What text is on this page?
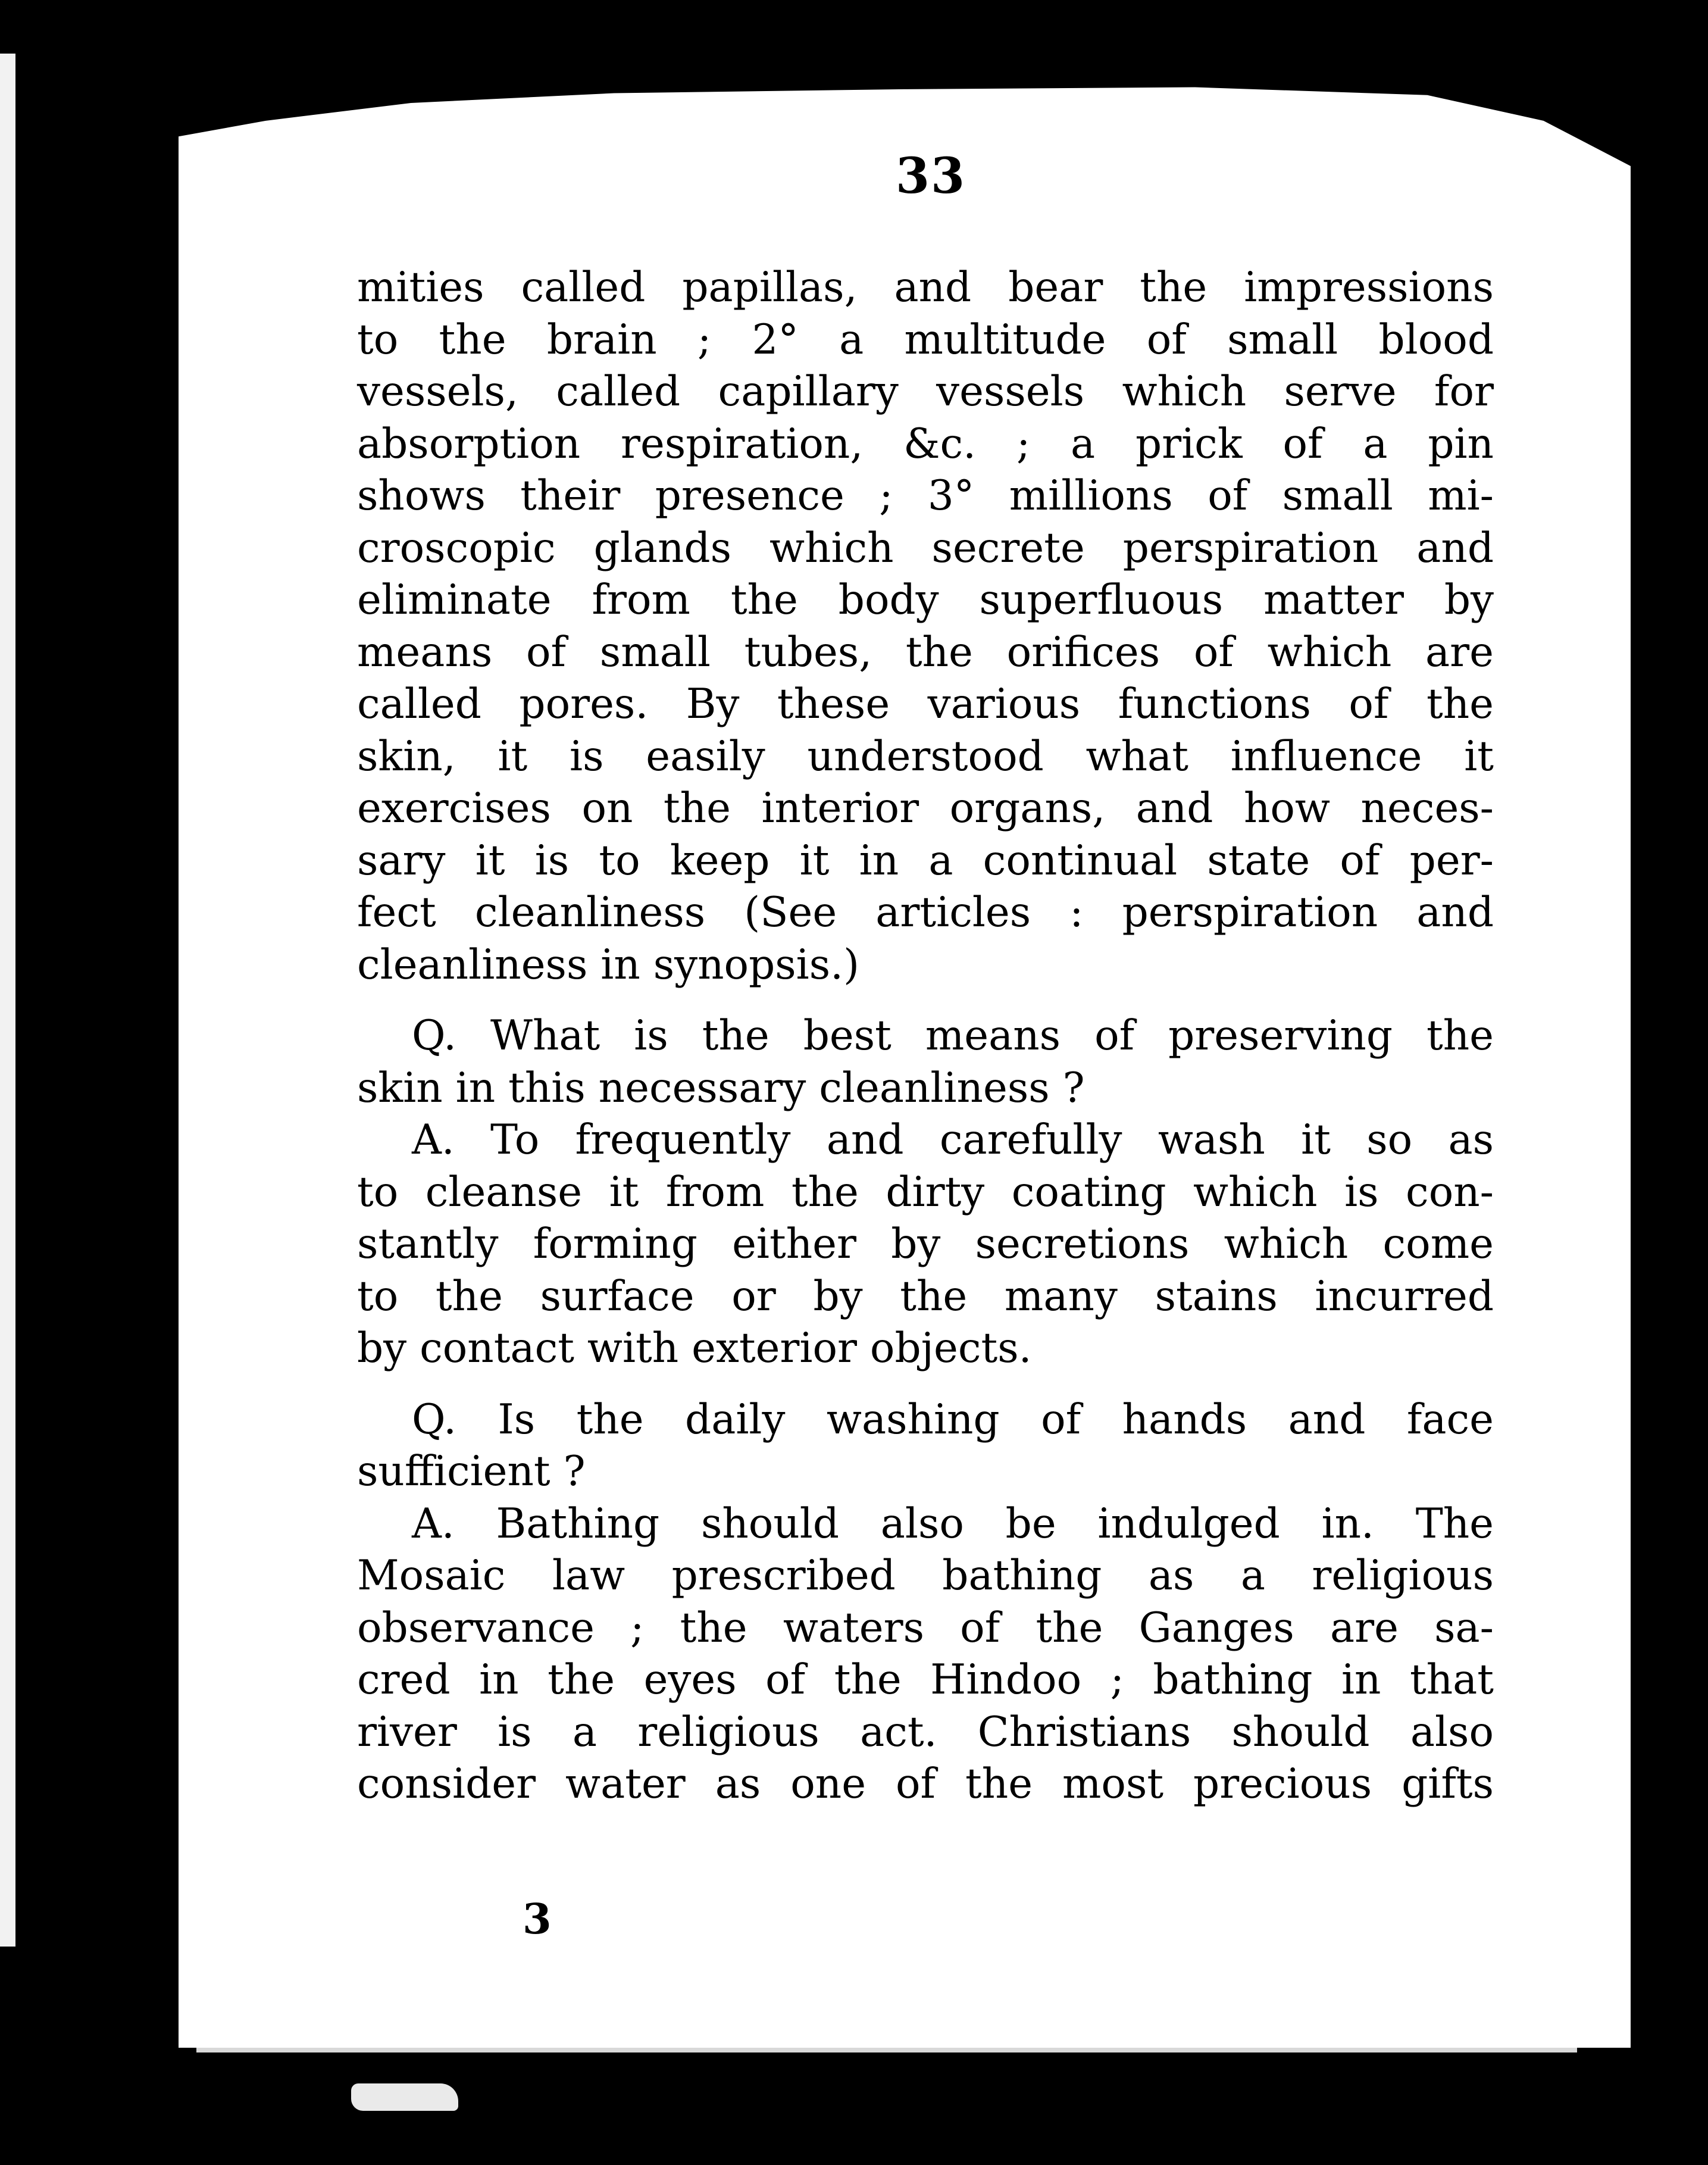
33
mities called papillas, and bear the impressions
to the brain ; 2° a multitude of small blood
vessels, called capillary vessels which serve for
absorption respiration, &c. ; a prick of a pin
shows their presence ; 3° millions of small mi-
croscopic glands which secrete perspiration and
eliminate from the body superfluous matter by
means of small tubes, the orifices of which are
called pores. By these various functions of the
skin, it is easily understood what influence it
exercises on the interior organs, and how neces-
sary it is to keep it in a continual state of per-
fect cleanliness (See articles : perspiration and
cleanliness in synopsis.)
Q. What is the best means of preserving the
skin in this necessary cleanliness ?
A. To frequently and carefully wash it so as
to cleanse it from the dirty coating which is con-
stantly forming either by secretions which come
to the surface or by the many stains incurred
by contact with exterior objects.
Q. Is the daily washing of hands and face
sufficient ?
A. Bathing should also be indulged in. The
Mosaic law prescribed bathing as a religious
observance ; the waters of the Ganges are sa-
cred in the eyes of the Hindoo ; bathing in that
river is a religious act. Christians should also
consider water as one of the most precious gifts
3
